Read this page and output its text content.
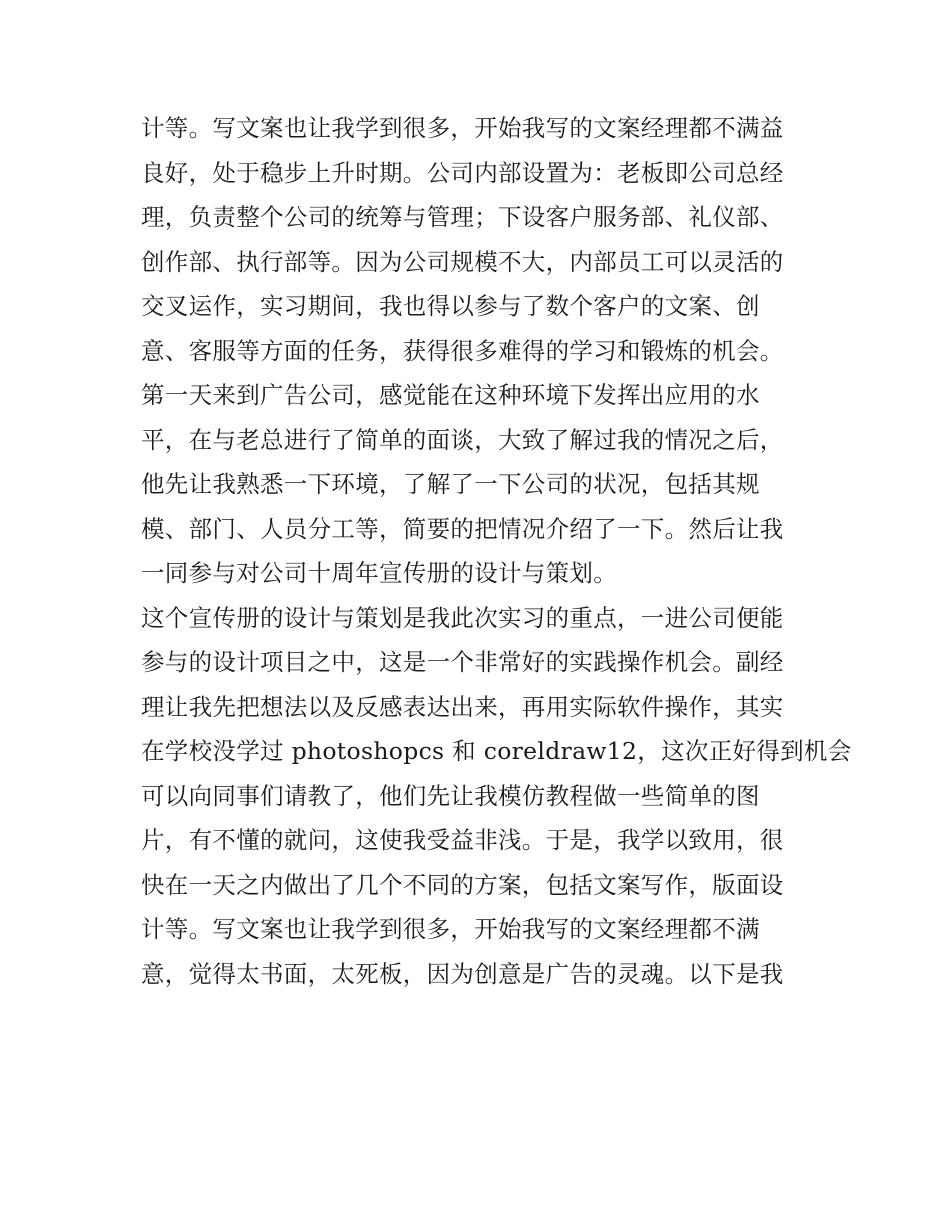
计等。写文案也让我学到很多，开始我写的文案经理都不满益
良好，处于稳步上升时期。公司内部设置为：老板即公司总经
理，负责整个公司的统筹与管理；下设客户服务部、礼仪部、
创作部、执行部等。因为公司规模不大，内部员工可以灵活的
交叉运作，实习期间，我也得以参与了数个客户的文案、创
意、客服等方面的任务，获得很多难得的学习和锻炼的机会。
第一天来到广告公司，感觉能在这种环境下发挥出应用的水
平，在与老总进行了简单的面谈，大致了解过我的情况之后，
他先让我熟悉一下环境，了解了一下公司的状况，包括其规
模、部门、人员分工等，简要的把情况介绍了一下。然后让我
一同参与对公司十周年宣传册的设计与策划。
这个宣传册的设计与策划是我此次实习的重点，一进公司便能
参与的设计项目之中，这是一个非常好的实践操作机会。副经
理让我先把想法以及反感表达出来，再用实际软件操作，其实
在学校没学过 photoshopcs 和 coreldraw12，这次正好得到机会
可以向同事们请教了，他们先让我模仿教程做一些简单的图
片，有不懂的就问，这使我受益非浅。于是，我学以致用，很
快在一天之内做出了几个不同的方案，包括文案写作，版面设
计等。写文案也让我学到很多，开始我写的文案经理都不满
意，觉得太书面，太死板，因为创意是广告的灵魂。以下是我
